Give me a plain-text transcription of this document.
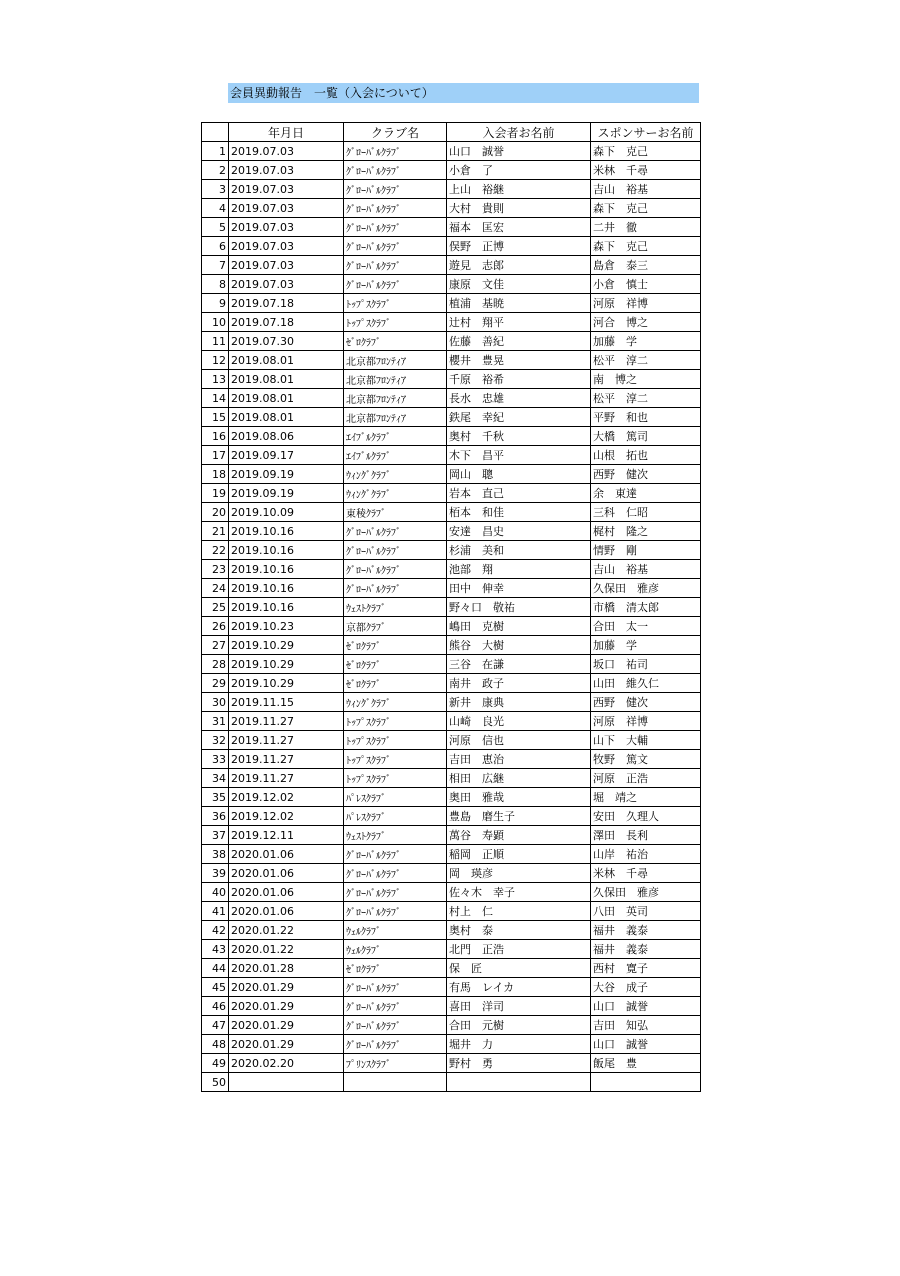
会員異動報告　一覧（入会について）
	年月日	クラブ名	入会者お名前	スポンサーお名前
1	2019.07.03	ｸﾞﾛｰﾊﾞﾙｸﾗﾌﾞ	山口　誠誉	森下　克己
2	2019.07.03	ｸﾞﾛｰﾊﾞﾙｸﾗﾌﾞ	小倉　了	米林　千尋
3	2019.07.03	ｸﾞﾛｰﾊﾞﾙｸﾗﾌﾞ	上山　裕継	吉山　裕基
4	2019.07.03	ｸﾞﾛｰﾊﾞﾙｸﾗﾌﾞ	大村　貴則	森下　克己
5	2019.07.03	ｸﾞﾛｰﾊﾞﾙｸﾗﾌﾞ	福本　匡宏	二井　徹
6	2019.07.03	ｸﾞﾛｰﾊﾞﾙｸﾗﾌﾞ	俣野　正博	森下　克己
7	2019.07.03	ｸﾞﾛｰﾊﾞﾙｸﾗﾌﾞ	遊見　志郎	島倉　泰三
8	2019.07.03	ｸﾞﾛｰﾊﾞﾙｸﾗﾌﾞ	康原　文佳	小倉　慎士
9	2019.07.18	ﾄｯﾌﾟｽｸﾗﾌﾞ	植浦　基暁	河原　祥博
10	2019.07.18	ﾄｯﾌﾟｽｸﾗﾌﾞ	辻村　翔平	河合　博之
11	2019.07.30	ｾﾞﾛｸﾗﾌﾞ	佐藤　善紀	加藤　学
12	2019.08.01	北京都ﾌﾛﾝﾃｨｱ	櫻井　豊晃	松平　淳二
13	2019.08.01	北京都ﾌﾛﾝﾃｨｱ	千原　裕希	南　博之
14	2019.08.01	北京都ﾌﾛﾝﾃｨｱ	長水　忠雄	松平　淳二
15	2019.08.01	北京都ﾌﾛﾝﾃｨｱ	鉄尾　幸紀	平野　和也
16	2019.08.06	ｴｲﾌﾞﾙｸﾗﾌﾞ	奥村　千秋	大橋　篤司
17	2019.09.17	ｴｲﾌﾞﾙｸﾗﾌﾞ	木下　昌平	山根　拓也
18	2019.09.19	ｳｨﾝｸﾞｸﾗﾌﾞ	岡山　聰	西野　健次
19	2019.09.19	ｳｨﾝｸﾞｸﾗﾌﾞ	岩本　直己	余　東達
20	2019.10.09	東稜ｸﾗﾌﾞ	栢本　和佳	三科　仁昭
21	2019.10.16	ｸﾞﾛｰﾊﾞﾙｸﾗﾌﾞ	安達　昌史	梶村　隆之
22	2019.10.16	ｸﾞﾛｰﾊﾞﾙｸﾗﾌﾞ	杉浦　美和	情野　剛
23	2019.10.16	ｸﾞﾛｰﾊﾞﾙｸﾗﾌﾞ	池部　翔	吉山　裕基
24	2019.10.16	ｸﾞﾛｰﾊﾞﾙｸﾗﾌﾞ	田中　伸幸	久保田　雅彦
25	2019.10.16	ｳｪｽﾄｸﾗﾌﾞ	野々口　敬祐	市橋　清太郎
26	2019.10.23	京都ｸﾗﾌﾞ	嶋田　克樹	合田　太一
27	2019.10.29	ｾﾞﾛｸﾗﾌﾞ	熊谷　大樹	加藤　学
28	2019.10.29	ｾﾞﾛｸﾗﾌﾞ	三谷　在謙	坂口　祐司
29	2019.10.29	ｾﾞﾛｸﾗﾌﾞ	南井　政子	山田　維久仁
30	2019.11.15	ｳｨﾝｸﾞｸﾗﾌﾞ	新井　康典	西野　健次
31	2019.11.27	ﾄｯﾌﾟｽｸﾗﾌﾞ	山崎　良光	河原　祥博
32	2019.11.27	ﾄｯﾌﾟｽｸﾗﾌﾞ	河原　信也	山下　大輔
33	2019.11.27	ﾄｯﾌﾟｽｸﾗﾌﾞ	吉田　恵治	牧野　篤文
34	2019.11.27	ﾄｯﾌﾟｽｸﾗﾌﾞ	相田　広継	河原　正浩
35	2019.12.02	ﾊﾟﾚｽｸﾗﾌﾞ	奥田　雅哉	堀　靖之
36	2019.12.02	ﾊﾟﾚｽｸﾗﾌﾞ	豊島　磨生子	安田　久理人
37	2019.12.11	ｳｪｽﾄｸﾗﾌﾞ	萬谷　寿顕	澤田　長利
38	2020.01.06	ｸﾞﾛｰﾊﾞﾙｸﾗﾌﾞ	稲岡　正順	山岸　祐治
39	2020.01.06	ｸﾞﾛｰﾊﾞﾙｸﾗﾌﾞ	岡　瑛彦	米林　千尋
40	2020.01.06	ｸﾞﾛｰﾊﾞﾙｸﾗﾌﾞ	佐々木　幸子	久保田　雅彦
41	2020.01.06	ｸﾞﾛｰﾊﾞﾙｸﾗﾌﾞ	村上　仁	八田　英司
42	2020.01.22	ｳｪﾙｸﾗﾌﾞ	奥村　泰	福井　義泰
43	2020.01.22	ｳｪﾙｸﾗﾌﾞ	北門　正浩	福井　義泰
44	2020.01.28	ｾﾞﾛｸﾗﾌﾞ	保　匠	西村　寛子
45	2020.01.29	ｸﾞﾛｰﾊﾞﾙｸﾗﾌﾞ	有馬　レイカ	大谷　成子
46	2020.01.29	ｸﾞﾛｰﾊﾞﾙｸﾗﾌﾞ	喜田　洋司	山口　誠誉
47	2020.01.29	ｸﾞﾛｰﾊﾞﾙｸﾗﾌﾞ	合田　元樹	吉田　知弘
48	2020.01.29	ｸﾞﾛｰﾊﾞﾙｸﾗﾌﾞ	堀井　力	山口　誠誉
49	2020.02.20	ﾌﾟﾘﾝｽｸﾗﾌﾞ	野村　勇	飯尾　豊
50				
